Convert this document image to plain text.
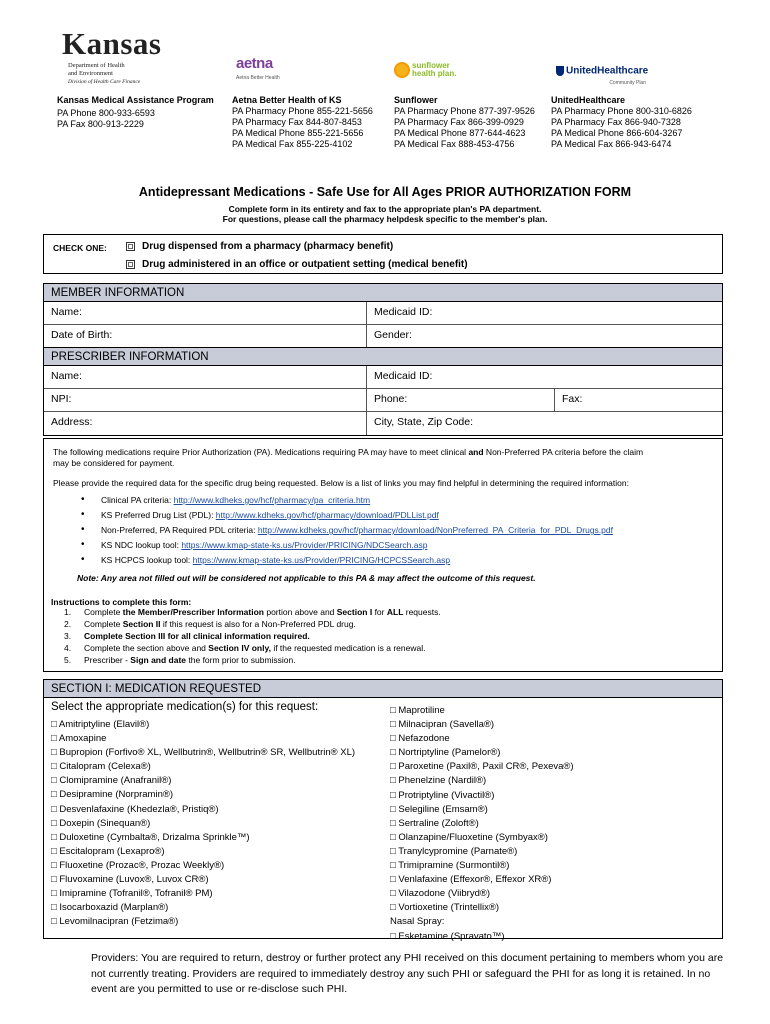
Kansas
Department of Health
and Environment
Division of Health Care Finance
aetna
Aetna Better Health
sunflower
health plan.	UnitedHealthcare
Community Plan
Kansas Medical Assistance Program
PA Phone 800-933-6593
PA Fax 800-913-2229
Aetna Better Health of KS
PA Pharmacy Phone 855-221-5656
PA Pharmacy Fax 844-807-8453
PA Medical Phone 855-221-5656
PA Medical Fax 855-225-4102
Sunflower
PA Pharmacy Phone 877-397-9526
PA Pharmacy Fax 866-399-0929
PA Medical Phone 877-644-4623
PA Medical Fax 888-453-4756
UnitedHealthcare
PA Pharmacy Phone 800-310-6826
PA Pharmacy Fax 866-940-7328
PA Medical Phone 866-604-3267
PA Medical Fax 866-943-6474
Antidepressant Medications - Safe Use for All Ages PRIOR AUTHORIZATION FORM
Complete form in its entirety and fax to the appropriate plan's PA department.
For questions, please call the pharmacy helpdesk specific to the member's plan.
CHECK ONE:	Drug dispensed from a pharmacy (pharmacy benefit)
Drug administered in an office or outpatient setting (medical benefit)
MEMBER INFORMATION
Name:	Medicaid ID:
Date of Birth:	Gender:
PRESCRIBER INFORMATION
Name:	Medicaid ID:
NPI:	Phone:	Fax:
Address:	City, State, Zip Code:

The following medications require Prior Authorization (PA). Medications requiring PA may have to meet clinical and Non-Preferred PA criteria before the claim
may be considered for payment.

Please provide the required data for the specific drug being requested. Below is a list of links you may find helpful in determining the required information:

• Clinical PA criteria: http://www.kdheks.gov/hcf/pharmacy/pa_criteria.htm
• KS Preferred Drug List (PDL): http://www.kdheks.gov/hcf/pharmacy/download/PDLList.pdf
• Non-Preferred, PA Required PDL criteria: http://www.kdheks.gov/hcf/pharmacy/download/NonPreferred_PA_Criteria_for_PDL_Drugs.pdf
• KS NDC lookup tool: https://www.kmap-state-ks.us/Provider/PRICING/NDCSearch.asp
• KS HCPCS lookup tool: https://www.kmap-state-ks.us/Provider/PRICING/HCPCSSearch.asp
Note: Any area not filled out will be considered not applicable to this PA & may affect the outcome of this request.
Instructions to complete this form:
1. Complete the Member/Prescriber Information portion above and Section I for ALL requests.
2. Complete Section II if this request is also for a Non-Preferred PDL drug.
3. Complete Section III for all clinical information required.
4. Complete the section above and Section IV only, if the requested medication is a renewal.
5. Prescriber - Sign and date the form prior to submission.
SECTION I: MEDICATION REQUESTED
Select the appropriate medication(s) for this request:
□ Amitriptyline (Elavil®)
□ Amoxapine
□ Bupropion (Forfivo® XL, Wellbutrin®, Wellbutrin® SR, Wellbutrin® XL)
□ Citalopram (Celexa®)
□ Clomipramine (Anafranil®)
□ Desipramine (Norpramin®)
□ Desvenlafaxine (Khedezla®, Pristiq®)
□ Doxepin (Sinequan®)
□ Duloxetine (Cymbalta®, Drizalma Sprinkle™)
□ Escitalopram (Lexapro®)
□ Fluoxetine (Prozac®, Prozac Weekly®)
□ Fluvoxamine (Luvox®, Luvox CR®)
□ Imipramine (Tofranil®, Tofranil® PM)
□ Isocarboxazid (Marplan®)
□ Levomilnacipran (Fetzima®)
□ Maprotiline
□ Milnacipran (Savella®)
□ Nefazodone
□ Nortriptyline (Pamelor®)
□ Paroxetine (Paxil®, Paxil CR®, Pexeva®)
□ Phenelzine (Nardil®)
□ Protriptyline (Vivactil®)
□ Selegiline (Emsam®)
□ Sertraline (Zoloft®)
□ Olanzapine/Fluoxetine (Symbyax®)
□ Tranylcypromine (Parnate®)
□ Trimipramine (Surmontil®)
□ Venlafaxine (Effexor®, Effexor XR®)
□ Vilazodone (Viibryd®)
□ Vortioxetine (Trintellix®)
Nasal Spray:
□ Esketamine (Spravato™)
Providers: You are required to return, destroy or further protect any PHI received on this document pertaining to members whom you are not currently treating. Providers are required to immediately destroy any such PHI or safeguard the PHI for as long it is retained. In no event are you permitted to use or re-disclose such PHI.
